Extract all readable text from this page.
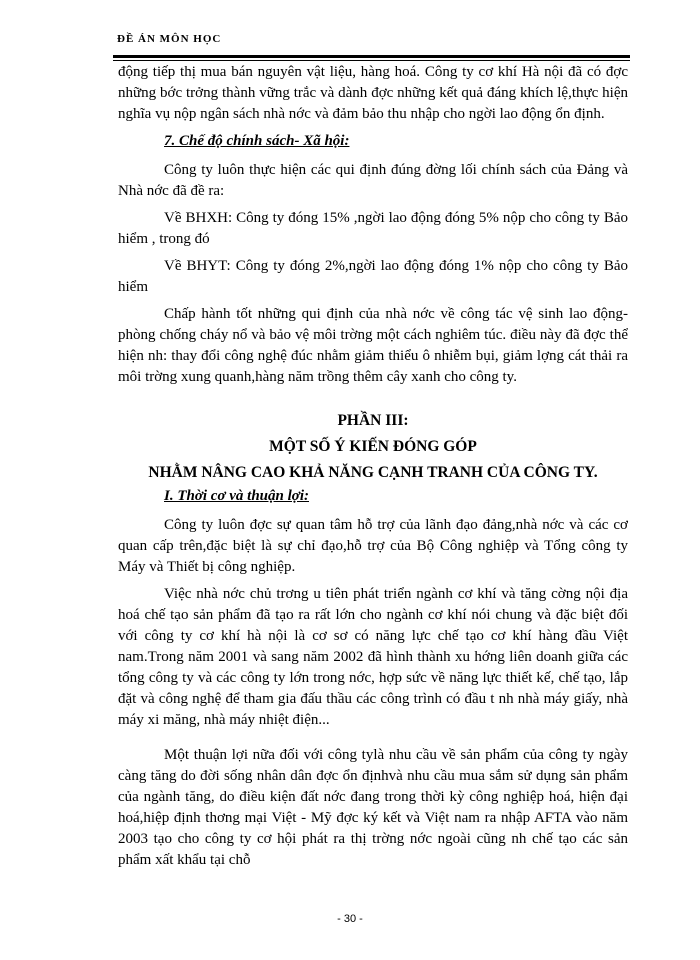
ĐỀ ÁN MÔN HỌC

động tiếp thị mua bán nguyên vật liệu, hàng hoá. Công ty cơ khí Hà nội đã có đợc những bớc trởng thành vững trắc và dành đợc những kết quả đáng khích lệ,thực hiện nghĩa vụ nộp ngân sách nhà nớc và đảm bảo thu nhập cho ngời lao động ổn định.

7. Chế độ chính sách- Xã hội:

Công ty luôn thực hiện các qui định đúng đờng lối chính sách của Đảng và Nhà nớc đã đề ra:

Về BHXH: Công ty đóng 15% ,ngời lao động đóng 5% nộp cho công ty Bảo hiểm , trong đó

Về BHYT: Công ty đóng 2%,ngời lao động đóng 1% nộp cho công ty Bảo hiểm

Chấp hành tốt những qui định của nhà nớc về công tác vệ sinh lao động- phòng chống cháy nổ và bảo vệ môi trờng một cách nghiêm túc. điều này đã đợc thể hiện nh: thay đổi công nghệ đúc nhằm giảm thiểu ô nhiễm bụi, giảm lợng cát thải ra môi trờng xung quanh,hàng năm trồng thêm cây xanh cho công ty.

PHẦN III:

MỘT SỐ Ý KIẾN ĐÓNG GÓP

NHẰM NÂNG CAO KHẢ NĂNG CẠNH TRANH CỦA CÔNG TY.

I. Thời cơ và thuận lợi:

Công ty luôn đợc sự quan tâm hỗ trợ của lãnh đạo đảng,nhà nớc và các cơ quan cấp trên,đặc biệt là sự chỉ đạo,hỗ trợ của Bộ Công nghiệp và Tổng công ty Máy và Thiết bị công nghiệp.

Việc nhà nớc chủ trơng u tiên phát triển ngành cơ khí và tăng cờng nội địa hoá chế tạo sản phẩm đã tạo ra rất lớn cho ngành cơ khí nói chung và đặc biệt đối với công ty cơ khí hà nội là cơ sơ có năng lực chế tạo cơ khí hàng đầu Việt nam.Trong năm 2001 và sang năm 2002 đã hình thành xu hớng liên doanh giữa các tổng công ty và các công ty lớn trong nớc, hợp sức về năng lực thiết kế, chế tạo, lắp đặt và công nghệ để tham gia đấu thầu các công trình có đầu t nh nhà máy giấy, nhà máy xi măng, nhà máy nhiệt điện...

Một thuận lợi nữa đối với công tylà nhu cầu về sản phẩm của công ty ngày càng tăng do đời sống nhân dân đợc ổn địnhvà nhu cầu mua sắm sử dụng sản phẩm của ngành tăng, do điều kiện đất nớc đang trong thời kỳ công nghiệp hoá, hiện đại hoá,hiệp định thơng mại Việt - Mỹ đợc ký kết và Việt nam ra nhập AFTA vào năm 2003 tạo cho công ty cơ hội phát ra thị trờng nớc ngoài cũng nh chế tạo các sản phẩm xất khẩu tại chỗ

- 30 -
